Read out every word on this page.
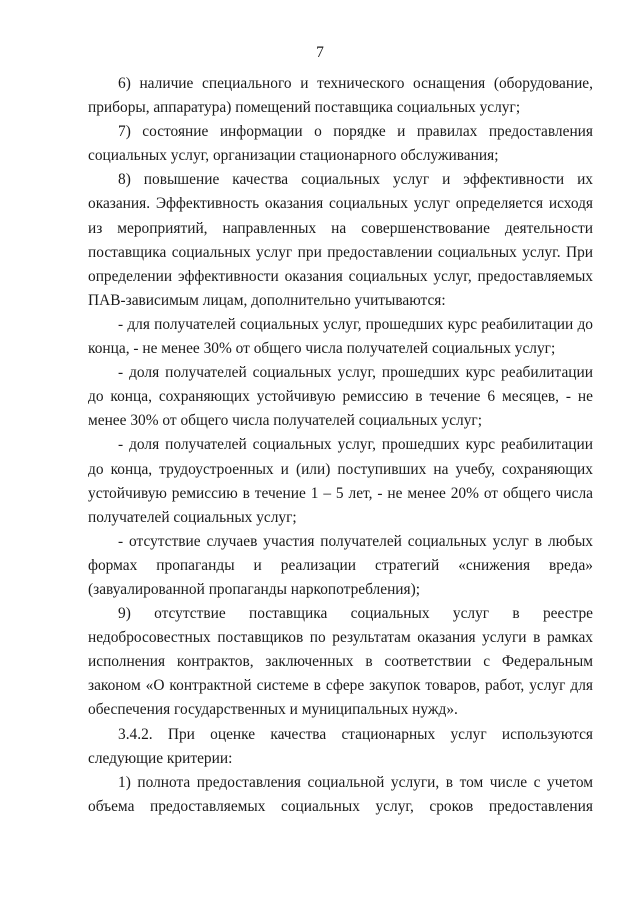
7

6) наличие специального и технического оснащения (оборудование, приборы, аппаратура) помещений поставщика социальных услуг;

7) состояние информации о порядке и правилах предоставления социальных услуг, организации стационарного обслуживания;

8) повышение качества социальных услуг и эффективности их оказания. Эффективность оказания социальных услуг определяется исходя из мероприятий, направленных на совершенствование деятельности поставщика социальных услуг при предоставлении социальных услуг. При определении эффективности оказания социальных услуг, предоставляемых ПАВ-зависимым лицам, дополнительно учитываются:

- для получателей социальных услуг, прошедших курс реабилитации до конца, - не менее 30% от общего числа получателей социальных услуг;

- доля получателей социальных услуг, прошедших курс реабилитации до конца, сохраняющих устойчивую ремиссию в течение 6 месяцев, - не менее 30% от общего числа получателей социальных услуг;

- доля получателей социальных услуг, прошедших курс реабилитации до конца, трудоустроенных и (или) поступивших на учебу, сохраняющих устойчивую ремиссию в течение 1 – 5 лет, - не менее 20% от общего числа получателей социальных услуг;

- отсутствие случаев участия получателей социальных услуг в любых формах пропаганды и реализации стратегий «снижения вреда» (завуалированной пропаганды наркопотребления);

9) отсутствие поставщика социальных услуг в реестре недобросовестных поставщиков по результатам оказания услуги в рамках исполнения контрактов, заключенных в соответствии с Федеральным законом «О контрактной системе в сфере закупок товаров, работ, услуг для обеспечения государственных и муниципальных нужд».

3.4.2. При оценке качества стационарных услуг используются следующие критерии:

1) полнота предоставления социальной услуги, в том числе с учетом объема предоставляемых социальных услуг, сроков предоставления
